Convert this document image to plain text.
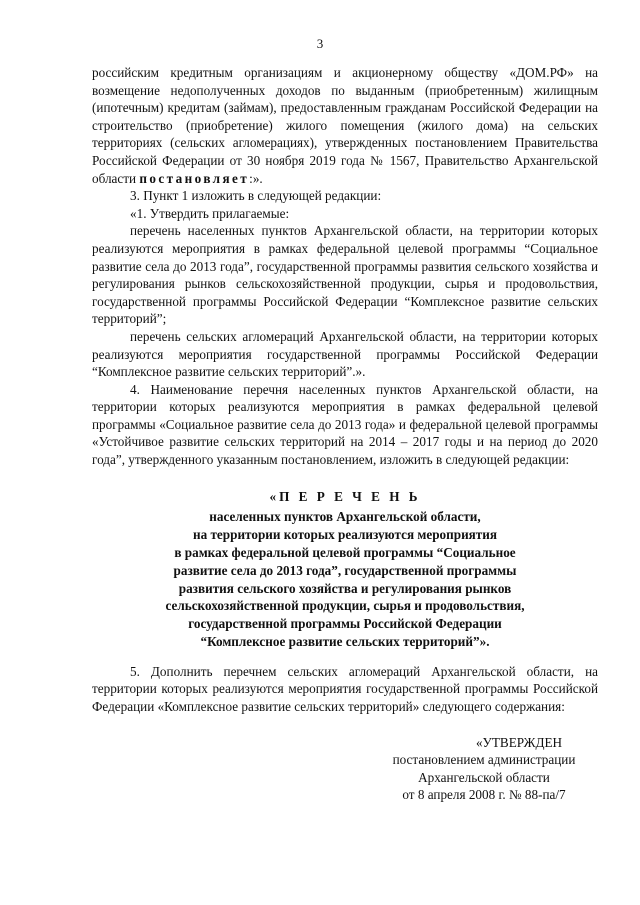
3

российским кредитным организациям и акционерному обществу «ДОМ.РФ» на возмещение недополученных доходов по выданным (приобретенным) жилищным (ипотечным) кредитам (займам), предоставленным гражданам Российской Федерации на строительство (приобретение) жилого помещения (жилого дома) на сельских территориях (сельских агломерациях), утвержденных постановлением Правительства Российской Федерации от 30 ноября 2019 года № 1567, Правительство Архангельской области постановляет:».

3. Пункт 1 изложить в следующей редакции:

«1. Утвердить прилагаемые:

перечень населенных пунктов Архангельской области, на территории которых реализуются мероприятия в рамках федеральной целевой программы “Социальное развитие села до 2013 года”, государственной программы развития сельского хозяйства и регулирования рынков сельскохозяйственной продукции, сырья и продовольствия, государственной программы Российской Федерации “Комплексное развитие сельских территорий”;

перечень сельских агломераций Архангельской области, на территории которых реализуются мероприятия государственной программы Российской Федерации “Комплексное развитие сельских территорий”.».

4. Наименование перечня населенных пунктов Архангельской области, на территории которых реализуются мероприятия в рамках федеральной целевой программы «Социальное развитие села до 2013 года» и федеральной целевой программы «Устойчивое развитие сельских территорий на 2014 – 2017 годы и на период до 2020 года”, утвержденного указанным постановлением, изложить в следующей редакции:

«П Е Р Е Ч Е Н Ь
населенных пунктов Архангельской области,
на территории которых реализуются мероприятия
в рамках федеральной целевой программы “Социальное
развитие села до 2013 года”, государственной программы
развития сельского хозяйства и регулирования рынков
сельскохозяйственной продукции, сырья и продовольствия,
государственной программы Российской Федерации
“Комплексное развитие сельских территорий”».

5. Дополнить перечнем сельских агломераций Архангельской области, на территории которых реализуются мероприятия государственной программы Российской Федерации «Комплексное развитие сельских территорий» следующего содержания:

«УТВЕРЖДЕН
постановлением администрации
Архангельской области
от 8 апреля 2008 г. № 88-па/7
